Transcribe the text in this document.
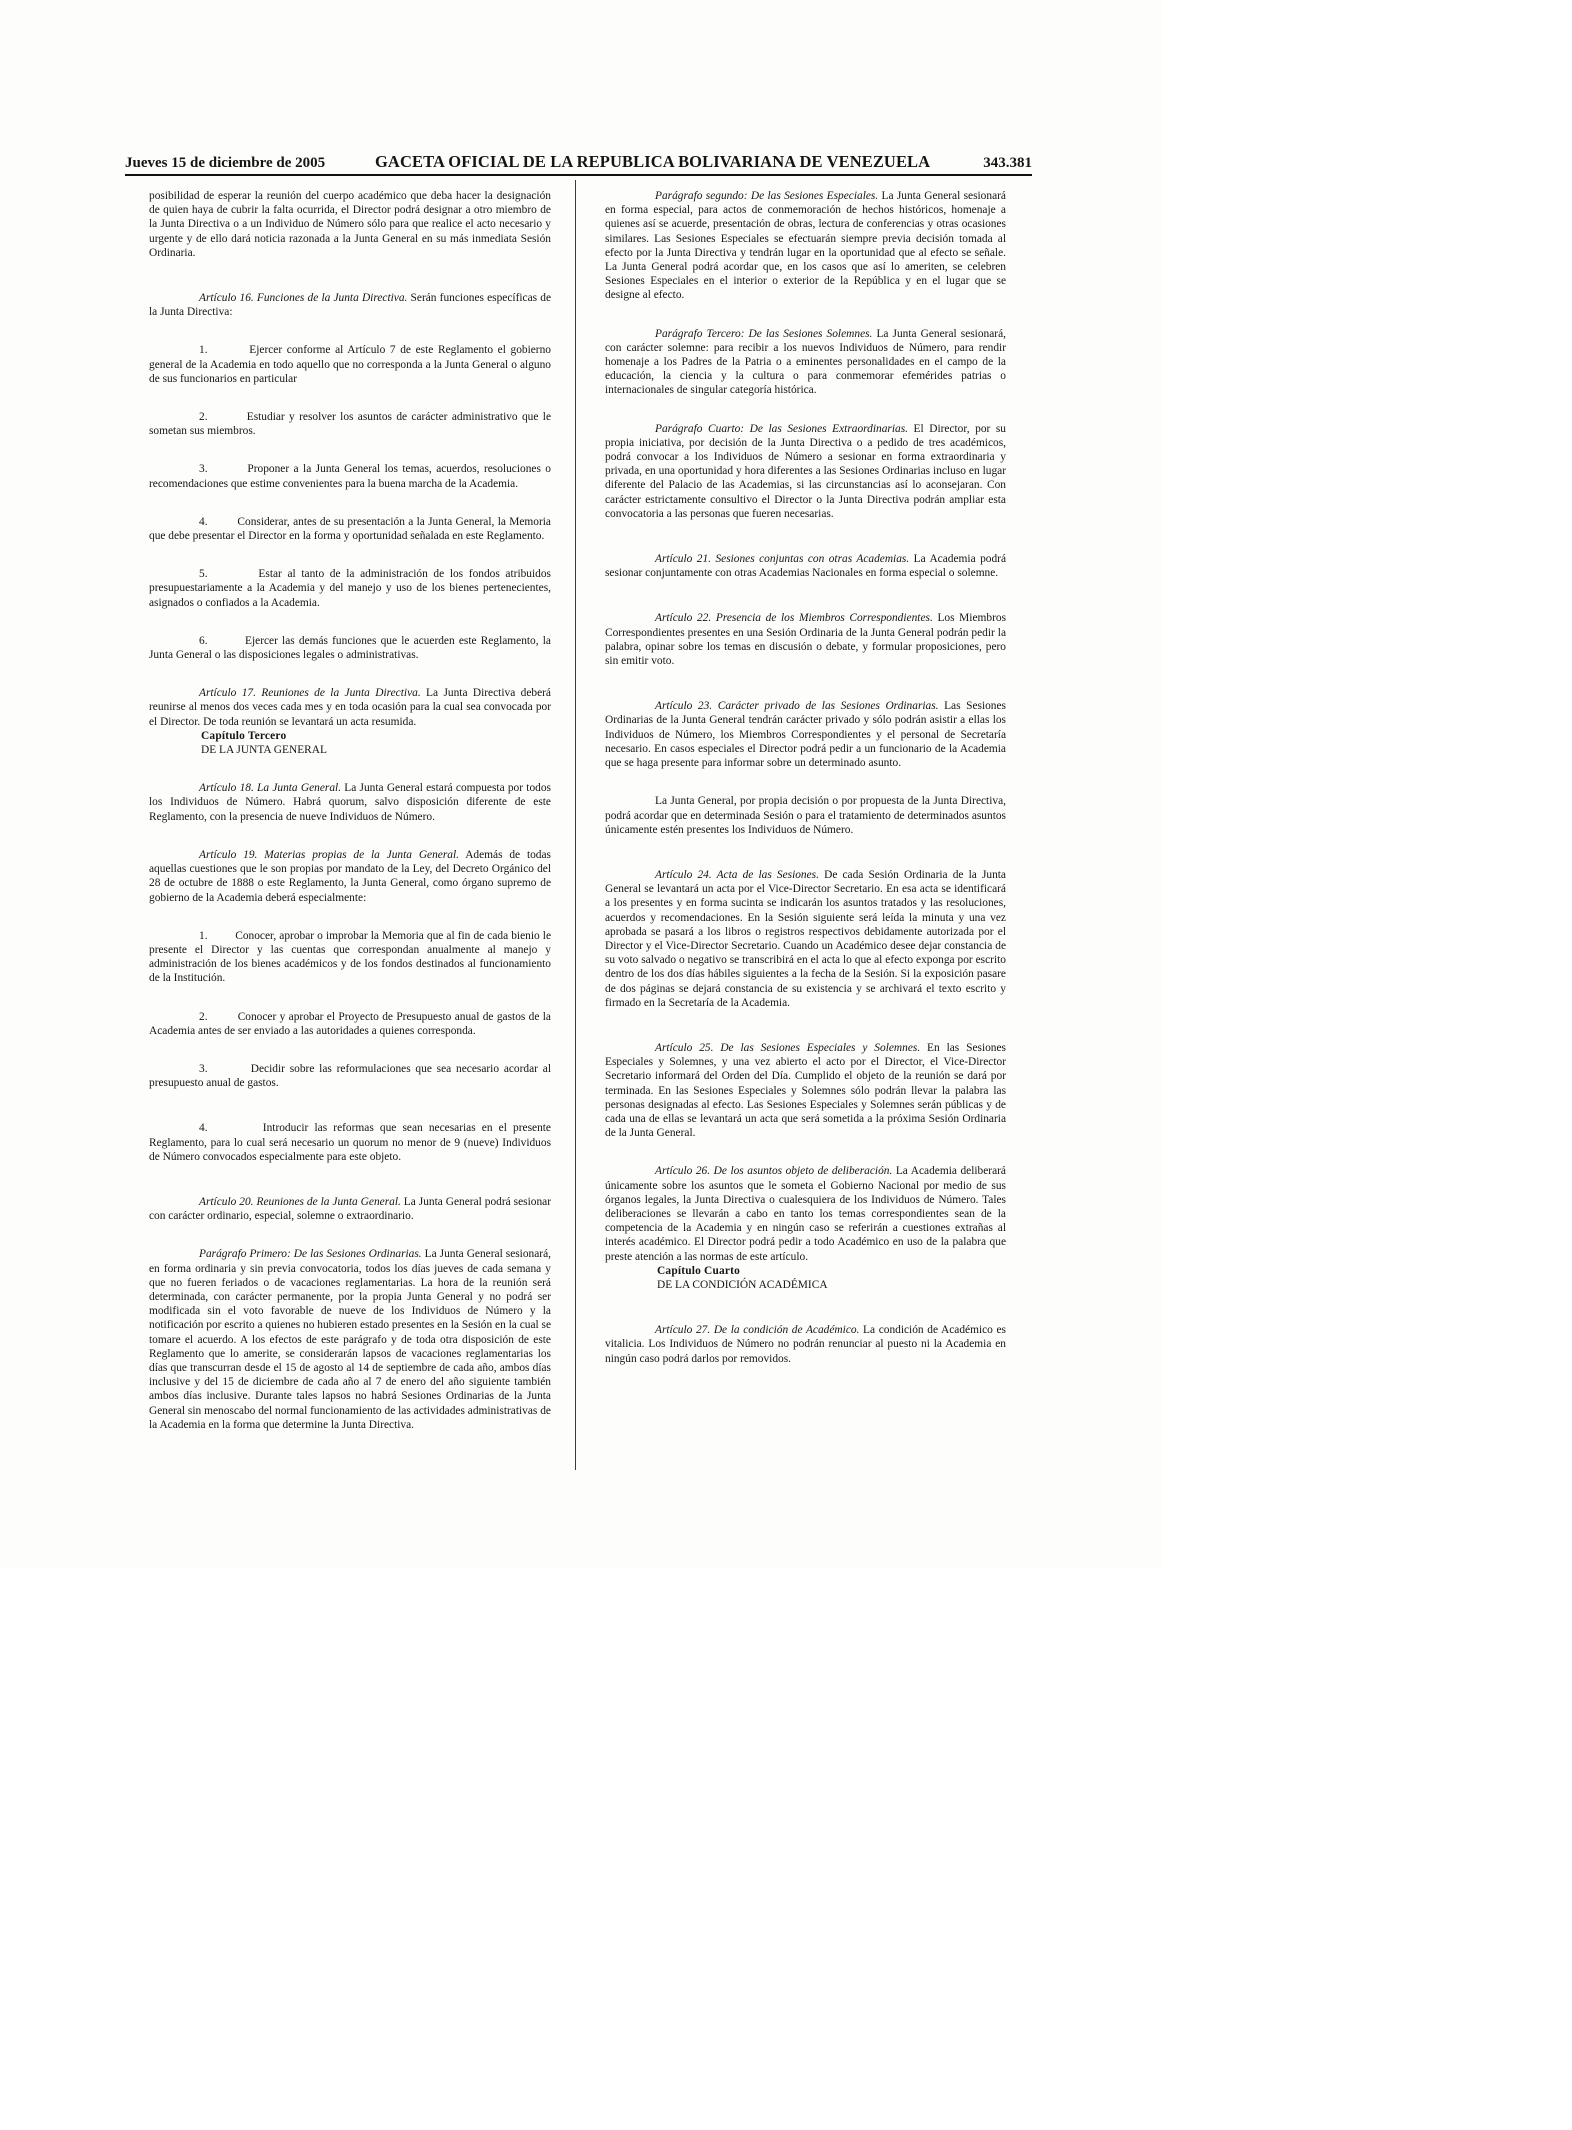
Jueves 15 de diciembre de 2005	GACETA OFICIAL DE LA REPUBLICA BOLIVARIANA DE VENEZUELA	343.381

posibilidad de esperar la reunión del cuerpo académico que deba hacer la designación de quien haya de cubrir la falta ocurrida, el Director podrá designar a otro miembro de la Junta Directiva o a un Individuo de Número sólo para que realice el acto necesario y urgente y de ello dará noticia razonada a la Junta General en su más inmediata Sesión Ordinaria.

Artículo 16. Funciones de la Junta Directiva. Serán funciones específicas de la Junta Directiva:

1.         Ejercer conforme al Artículo 7 de este Reglamento el gobierno general de la Academia en todo aquello que no corresponda a la Junta General o alguno de sus funcionarios en particular

2.         Estudiar y resolver los asuntos de carácter administrativo que le sometan sus miembros.

3.         Proponer a la Junta General los temas, acuerdos, resoluciones o recomendaciones que estime convenientes para la buena marcha de la Academia.

4.         Considerar, antes de su presentación a la Junta General, la Memoria que debe presentar el Director en la forma y oportunidad señalada en este Reglamento.

5.         Estar al tanto de la administración de los fondos atribuidos presupuestariamente a la Academia y del manejo y uso de los bienes pertenecientes, asignados o confiados a la Academia.

6.         Ejercer las demás funciones que le acuerden este Reglamento, la Junta General o las disposiciones legales o administrativas.

Artículo 17. Reuniones de la Junta Directiva. La Junta Directiva deberá reunirse al menos dos veces cada mes y en toda ocasión para la cual sea convocada por el Director. De toda reunión se levantará un acta resumida.

Capítulo Tercero

DE LA JUNTA GENERAL

Artículo 18. La Junta General. La Junta General estará compuesta por todos los Individuos de Número. Habrá quorum, salvo disposición diferente de este Reglamento, con la presencia de nueve Individuos de Número.

Artículo 19. Materias propias de la Junta General. Además de todas aquellas cuestiones que le son propias por mandato de la Ley, del Decreto Orgánico del 28 de octubre de 1888 o este Reglamento, la Junta General, como órgano supremo de gobierno de la Academia deberá especialmente:

1.         Conocer, aprobar o improbar la Memoria que al fin de cada bienio le presente el Director y las cuentas que correspondan anualmente al manejo y administración de los bienes académicos y de los fondos destinados al funcionamiento de la Institución.

2.         Conocer y aprobar el Proyecto de Presupuesto anual de gastos de la Academia antes de ser enviado a las autoridades a quienes corresponda.

3.         Decidir sobre las reformulaciones que sea necesario acordar al presupuesto anual de gastos.

4.         Introducir las reformas que sean necesarias en el presente Reglamento, para lo cual será necesario un quorum no menor de 9 (nueve) Individuos de Número convocados especialmente para este objeto.

Artículo 20. Reuniones de la Junta General. La Junta General podrá sesionar con carácter ordinario, especial, solemne o extraordinario.

Parágrafo Primero: De las Sesiones Ordinarias. La Junta General sesionará, en forma ordinaria y sin previa convocatoria, todos los días jueves de cada semana y que no fueren feriados o de vacaciones reglamentarias. La hora de la reunión será determinada, con carácter permanente, por la propia Junta General y no podrá ser modificada sin el voto favorable de nueve de los Individuos de Número y la notificación por escrito a quienes no hubieren estado presentes en la Sesión en la cual se tomare el acuerdo. A los efectos de este parágrafo y de toda otra disposición de este Reglamento que lo amerite, se considerarán lapsos de vacaciones reglamentarias los días que transcurran desde el 15 de agosto al 14 de septiembre de cada año, ambos días inclusive y del 15 de diciembre de cada año al 7 de enero del año siguiente también ambos días inclusive. Durante tales lapsos no habrá Sesiones Ordinarias de la Junta General sin menoscabo del normal funcionamiento de las actividades administrativas de la Academia en la forma que determine la Junta Directiva.

Parágrafo segundo: De las Sesiones Especiales. La Junta General sesionará en forma especial, para actos de conmemoración de hechos históricos, homenaje a quienes así se acuerde, presentación de obras, lectura de conferencias y otras ocasiones similares. Las Sesiones Especiales se efectuarán siempre previa decisión tomada al efecto por la Junta Directiva y tendrán lugar en la oportunidad que al efecto se señale. La Junta General podrá acordar que, en los casos que así lo ameriten, se celebren Sesiones Especiales en el interior o exterior de la República y en el lugar que se designe al efecto.

Parágrafo Tercero: De las Sesiones Solemnes. La Junta General sesionará, con carácter solemne: para recibir a los nuevos Individuos de Número, para rendir homenaje a los Padres de la Patria o a eminentes personalidades en el campo de la educación, la ciencia y la cultura o para conmemorar efemérides patrias o internacionales de singular categoría histórica.

Parágrafo Cuarto: De las Sesiones Extraordinarias. El Director, por su propia iniciativa, por decisión de la Junta Directiva o a pedido de tres académicos, podrá convocar a los Individuos de Número a sesionar en forma extraordinaria y privada, en una oportunidad y hora diferentes a las Sesiones Ordinarias incluso en lugar diferente del Palacio de las Academias, si las circunstancias así lo aconsejaran. Con carácter estrictamente consultivo el Director o la Junta Directiva podrán ampliar esta convocatoria a las personas que fueren necesarias.

Artículo 21. Sesiones conjuntas con otras Academias. La Academia podrá sesionar conjuntamente con otras Academias Nacionales en forma especial o solemne.

Artículo 22. Presencia de los Miembros Correspondientes. Los Miembros Correspondientes presentes en una Sesión Ordinaria de la Junta General podrán pedir la palabra, opinar sobre los temas en discusión o debate, y formular proposiciones, pero sin emitir voto.

Artículo 23. Carácter privado de las Sesiones Ordinarias. Las Sesiones Ordinarias de la Junta General tendrán carácter privado y sólo podrán asistir a ellas los Individuos de Número, los Miembros Correspondientes y el personal de Secretaría necesario. En casos especiales el Director podrá pedir a un funcionario de la Academia que se haga presente para informar sobre un determinado asunto.

La Junta General, por propia decisión o por propuesta de la Junta Directiva, podrá acordar que en determinada Sesión o para el tratamiento de determinados asuntos únicamente estén presentes los Individuos de Número.

Artículo 24. Acta de las Sesiones. De cada Sesión Ordinaria de la Junta General se levantará un acta por el Vice-Director Secretario. En esa acta se identificará a los presentes y en forma sucinta se indicarán los asuntos tratados y las resoluciones, acuerdos y recomendaciones. En la Sesión siguiente será leída la minuta y una vez aprobada se pasará a los libros o registros respectivos debidamente autorizada por el Director y el Vice-Director Secretario. Cuando un Académico desee dejar constancia de su voto salvado o negativo se transcribirá en el acta lo que al efecto exponga por escrito dentro de los dos días hábiles siguientes a la fecha de la Sesión. Si la exposición pasare de dos páginas se dejará constancia de su existencia y se archivará el texto escrito y firmado en la Secretaría de la Academia.

Artículo 25. De las Sesiones Especiales y Solemnes. En las Sesiones Especiales y Solemnes, y una vez abierto el acto por el Director, el Vice-Director Secretario informará del Orden del Día. Cumplido el objeto de la reunión se dará por terminada. En las Sesiones Especiales y Solemnes sólo podrán llevar la palabra las personas designadas al efecto. Las Sesiones Especiales y Solemnes serán públicas y de cada una de ellas se levantará un acta que será sometida a la próxima Sesión Ordinaria de la Junta General.

Artículo 26. De los asuntos objeto de deliberación. La Academia deliberará únicamente sobre los asuntos que le someta el Gobierno Nacional por medio de sus órganos legales, la Junta Directiva o cualesquiera de los Individuos de Número. Tales deliberaciones se llevarán a cabo en tanto los temas correspondientes sean de la competencia de la Academia y en ningún caso se referirán a cuestiones extrañas al interés académico. El Director podrá pedir a todo Académico en uso de la palabra que preste atención a las normas de este artículo.

Capítulo Cuarto

DE LA CONDICIÓN ACADÉMICA

Artículo 27. De la condición de Académico. La condición de Académico es vitalicia. Los Individuos de Número no podrán renunciar al puesto ni la Academia en ningún caso podrá darlos por removidos.
